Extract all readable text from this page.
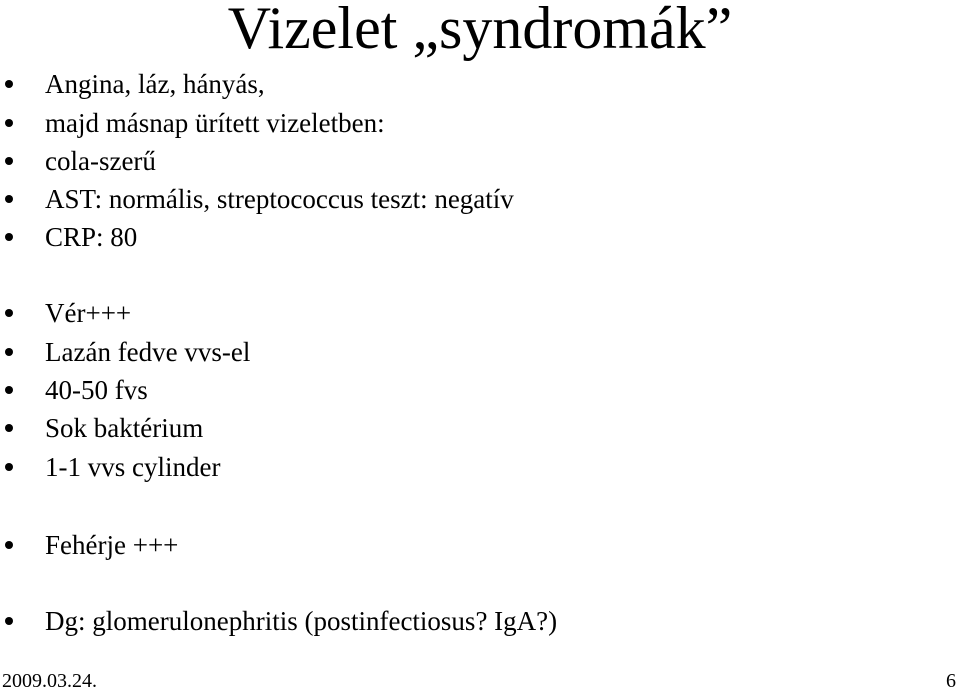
Vizelet „syndromák”
Angina, láz, hányás,
majd másnap ürített vizeletben:
cola-szerű
AST: normális, streptococcus teszt: negatív
CRP: 80
Vér+++
Lazán fedve vvs-el
40-50 fvs
Sok baktérium
1-1 vvs cylinder
Fehérje +++
Dg: glomerulonephritis (postinfectiosus? IgA?)
2009.03.24.	6
